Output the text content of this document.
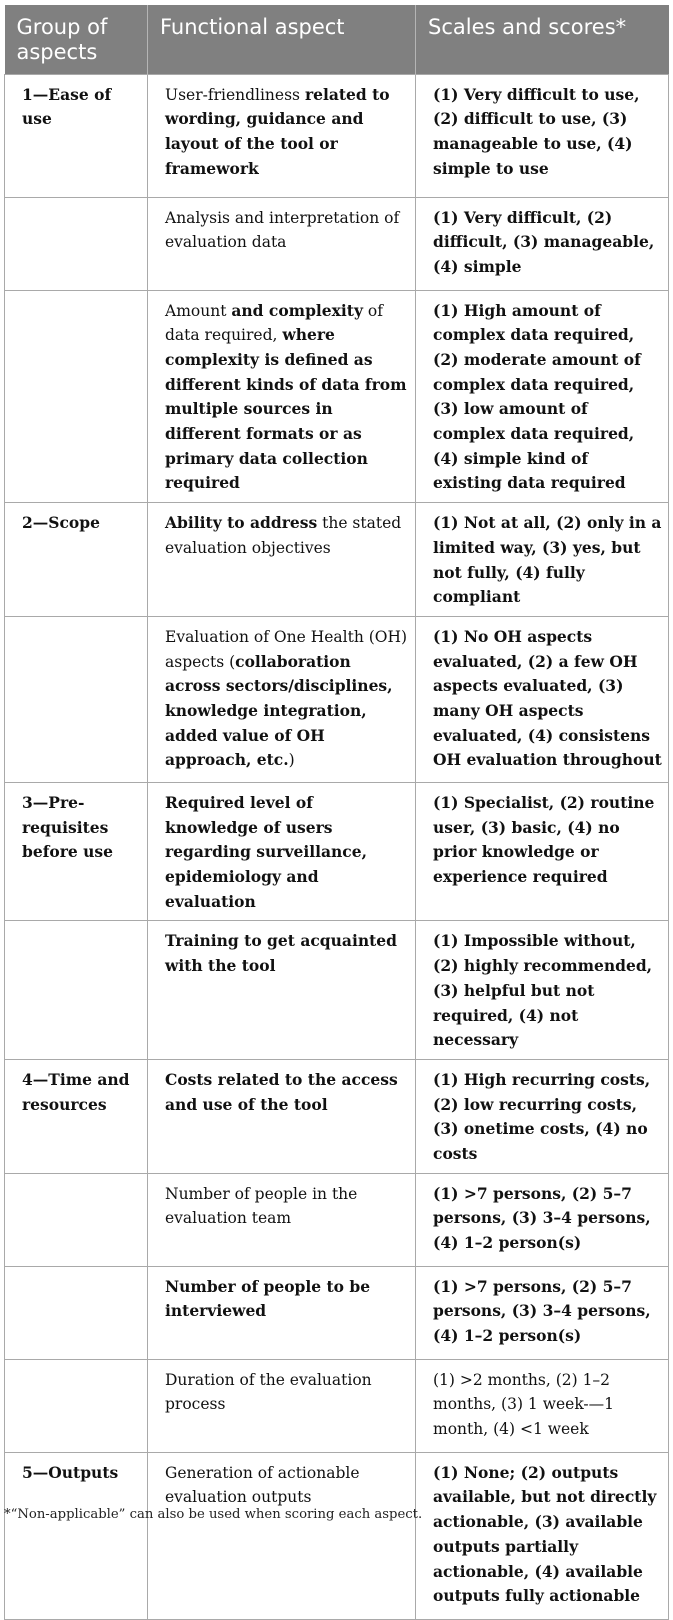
Group of aspects	Functional aspect	Scales and scores*
1—Ease of use	User-friendliness related to wording, guidance and layout of the tool or framework	(1) Very difficult to use, (2) difficult to use, (3) manageable to use, (4) simple to use
	Analysis and interpretation of evaluation data	(1) Very difficult, (2) difficult, (3) manageable, (4) simple
	Amount and complexity of data required, where complexity is defined as different kinds of data from multiple sources in different formats or as primary data collection required	(1) High amount of complex data required, (2) moderate amount of complex data required, (3) low amount of complex data required, (4) simple kind of existing data required
2—Scope	Ability to address the stated evaluation objectives	(1) Not at all, (2) only in a limited way, (3) yes, but not fully, (4) fully compliant
	Evaluation of One Health (OH) aspects (collaboration across sectors/disciplines, knowledge integration, added value of OH approach, etc.)	(1) No OH aspects evaluated, (2) a few OH aspects evaluated, (3) many OH aspects evaluated, (4) consistens OH evaluation throughout
3—Pre-requisites before use	Required level of knowledge of users regarding surveillance, epidemiology and evaluation	(1) Specialist, (2) routine user, (3) basic, (4) no prior knowledge or experience required
	Training to get acquainted with the tool	(1) Impossible without, (2) highly recommended, (3) helpful but not required, (4) not necessary
4—Time and resources	Costs related to the access and use of the tool	(1) High recurring costs, (2) low recurring costs, (3) onetime costs, (4) no costs
	Number of people in the evaluation team	(1) >7 persons, (2) 5–7 persons, (3) 3–4 persons, (4) 1–2 person(s)
	Number of people to be interviewed	(1) >7 persons, (2) 5–7 persons, (3) 3–4 persons, (4) 1–2 person(s)
	Duration of the evaluation process	(1) >2 months, (2) 1–2 months, (3) 1 week-—1 month, (4) <1 week
5—Outputs	Generation of actionable evaluation outputs	(1) None; (2) outputs available, but not directly actionable, (3) available outputs partially actionable, (4) available outputs fully actionable
*“Non-applicable” can also be used when scoring each aspect.
